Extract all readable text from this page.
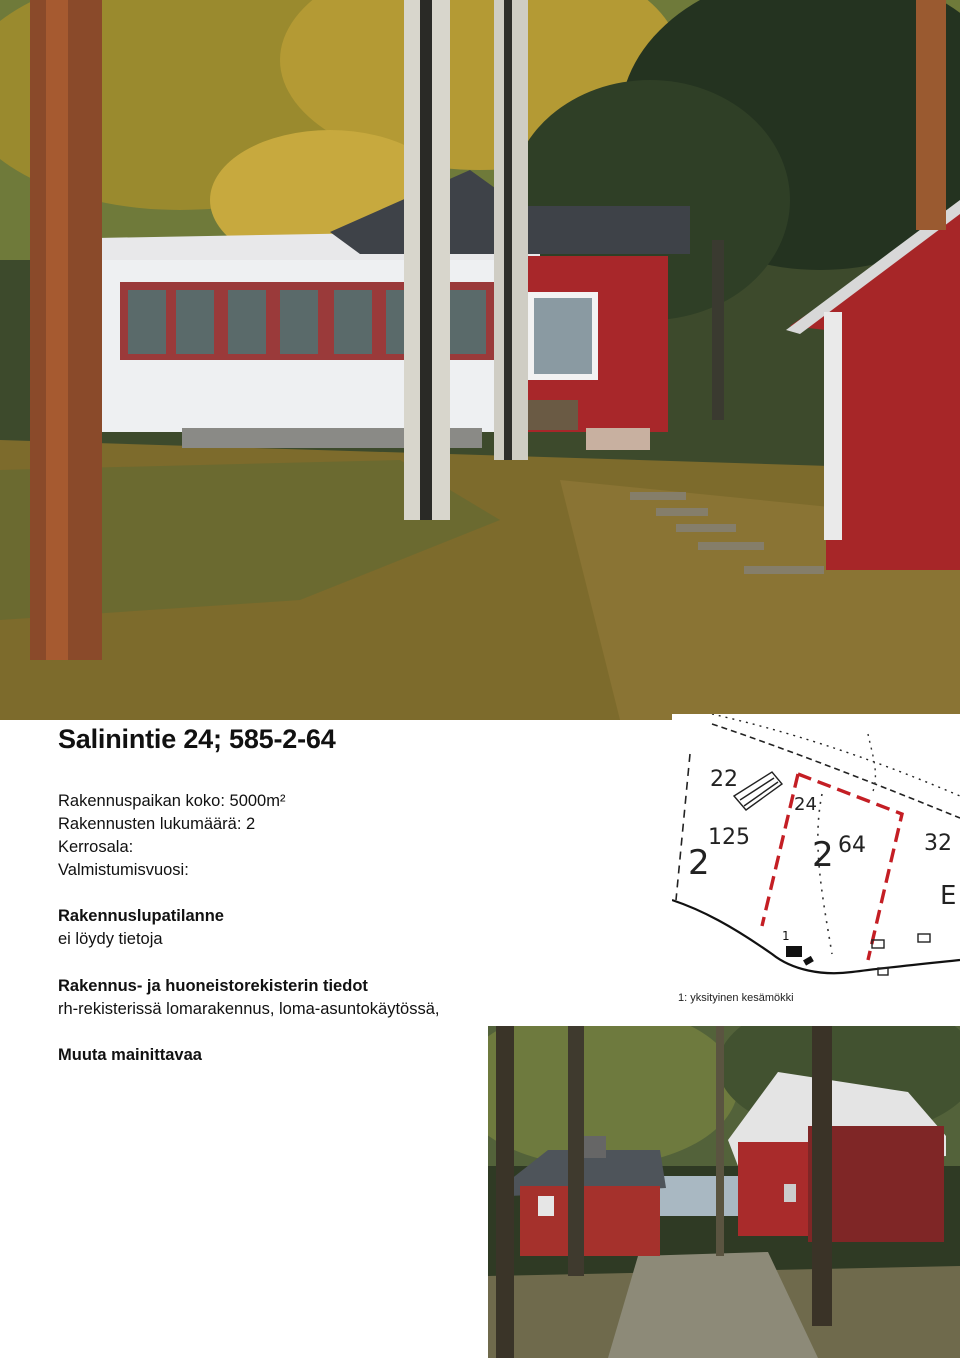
Salinintie 24; 585-2-64
Rakennuspaikan koko: 5000m²
Rakennusten lukumäärä: 2
Kerrosala:
Valmistumisvuosi:
Rakennuslupatilanne
ei löydy tietoja
Rakennus- ja huoneistorekisterin tiedot
rh-rekisterissä lomarakennus, loma-asuntokäytössä,
Muuta mainittavaa
22
24
125
2	2 64	32
1
E
1: yksityinen kesämökki
